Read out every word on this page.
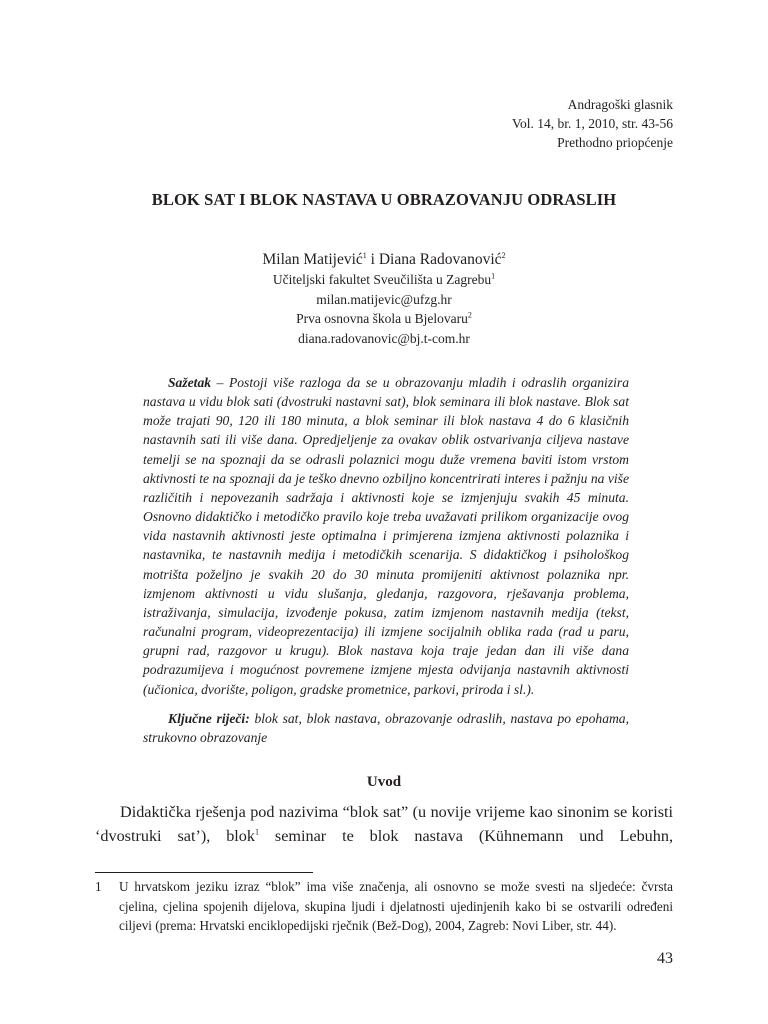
Andragoški glasnik
Vol. 14, br. 1, 2010, str. 43-56
Prethodno priopćenje
BLOK SAT I BLOK NASTAVA U OBRAZOVANJU ODRASLIH
Milan Matijević$^1$ i Diana Radovanović$^2$
Učiteljski fakultet Sveučilišta u Zagrebu$^1$
milan.matijevic@ufzg.hr
Prva osnovna škola u Bjelovaru$^2$
diana.radovanovic@bj.t-com.hr

Sažetak – Postoji više razloga da se u obrazovanju mladih i odraslih organizira nastava u vidu blok sati (dvostruki nastavni sat), blok seminara ili blok nastave. Blok sat može trajati 90, 120 ili 180 minuta, a blok seminar ili blok nastava 4 do 6 klasičnih nastavnih sati ili više dana. Opredjeljenje za ovakav oblik ostvarivanja ciljeva nastave temelji se na spoznaji da se odrasli polaznici mogu duže vremena baviti istom vrstom aktivnosti te na spoznaji da je teško dnevno ozbiljno koncentrirati interes i pažnju na više različitih i nepovezanih sadržaja i aktivnosti koje se izmjenjuju svakih 45 minuta. Osnovno didaktičko i metodičko pravilo koje treba uvažavati prilikom organizacije ovog vida nastavnih aktivnosti jeste optimalna i primjerena izmjena aktivnosti polaznika i nastavnika, te nastavnih medija i metodičkih scenarija. S didaktičkog i psihološkog motrišta poželjno je svakih 20 do 30 minuta promijeniti aktivnost polaznika npr. izmjenom aktivnosti u vidu slušanja, gledanja, razgovora, rješavanja problema, istraživanja, simulacija, izvođenje pokusa, zatim izmjenom nastavnih medija (tekst, računalni program, videoprezentacija) ili izmjene socijalnih oblika rada (rad u paru, grupni rad, razgovor u krugu). Blok nastava koja traje jedan dan ili više dana podrazumijeva i mogućnost povremene izmjene mjesta odvijanja nastavnih aktivnosti (učionica, dvorište, poligon, gradske prometnice, parkovi, priroda i sl.).

Ključne riječi: blok sat, blok nastava, obrazovanje odraslih, nastava po epohama, strukovno obrazovanje

Uvod

Didaktička rješenja pod nazivima “blok sat” (u novije vrijeme kao sinonim se koristi ‘dvostruki sat’), blok$^1$ seminar te blok nastava (Kühnemann und Lebuhn,

1 U hrvatskom jeziku izraz “blok” ima više značenja, ali osnovno se može svesti na sljedeće: čvrsta cjelina, cjelina spojenih dijelova, skupina ljudi i djelatnosti ujedinjenih kako bi se ostvarili određeni ciljevi (prema: Hrvatski enciklopedijski rječnik (Bež-Dog), 2004, Zagreb: Novi Liber, str. 44).
43
